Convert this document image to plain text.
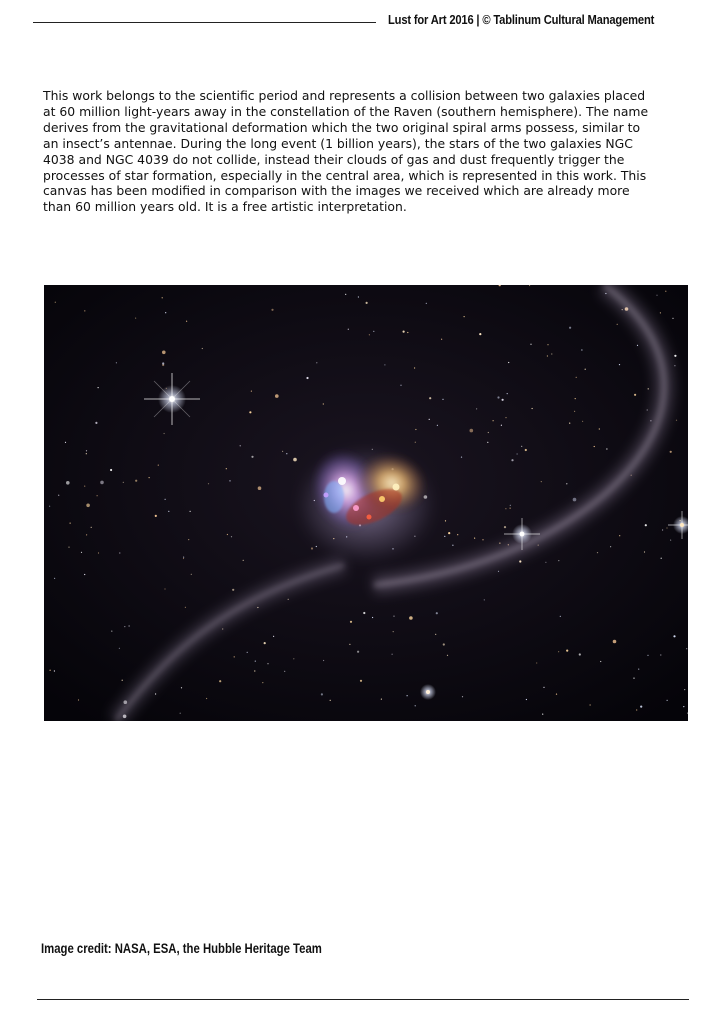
Lust for Art 2016 | © Tablinum Cultural Management

This work belongs to the scientific period and represents a collision between two galaxies placed

at 60 million light-years away in the constellation of the Raven (southern hemisphere). The name

derives from the gravitational deformation which the two original spiral arms possess, similar to

an insect’s antennae. During the long event (1 billion years), the stars of the two galaxies NGC

4038 and NGC 4039 do not collide, instead their clouds of gas and dust frequently trigger the

processes of star formation, especially in the central area, which is represented in this work. This

canvas has been modified in comparison with the images we received which are already more

than 60 million years old. It is a free artistic interpretation.

Image credit: NASA, ESA, the Hubble Heritage Team
